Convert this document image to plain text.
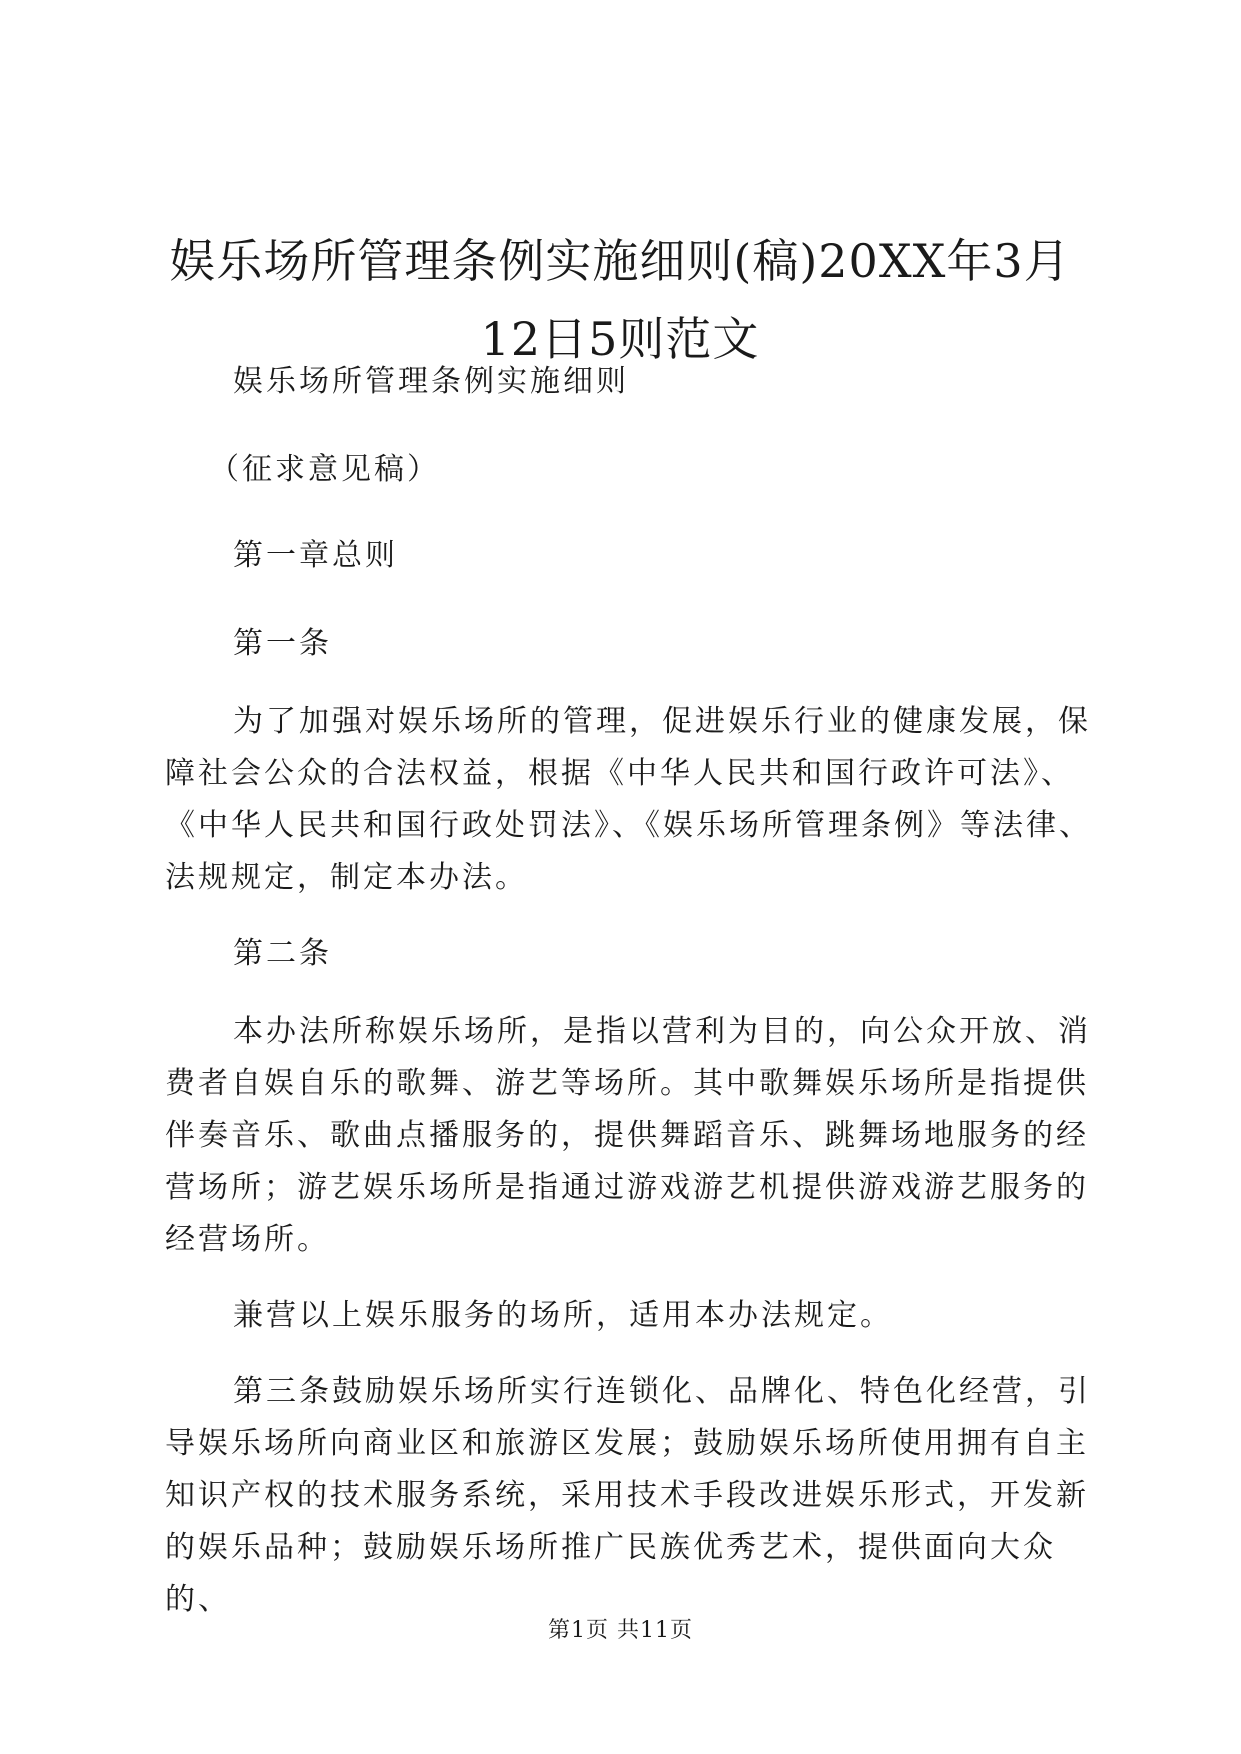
娱乐场所管理条例实施细则(稿)20XX年3月
12日5则范文

娱乐场所管理条例实施细则

（征求意见稿）

第一章总则

第一条

为了加强对娱乐场所的管理，促进娱乐行业的健康发展，保障社会公众的合法权益，根据《中华人民共和国行政许可法》、《中华人民共和国行政处罚法》、《娱乐场所管理条例》等法律、法规规定，制定本办法。

第二条

本办法所称娱乐场所，是指以营利为目的，向公众开放、消费者自娱自乐的歌舞、游艺等场所。其中歌舞娱乐场所是指提供伴奏音乐、歌曲点播服务的，提供舞蹈音乐、跳舞场地服务的经营场所；游艺娱乐场所是指通过游戏游艺机提供游戏游艺服务的经营场所。

兼营以上娱乐服务的场所，适用本办法规定。

第三条鼓励娱乐场所实行连锁化、品牌化、特色化经营，引导娱乐场所向商业区和旅游区发展；鼓励娱乐场所使用拥有自主知识产权的技术服务系统，采用技术手段改进娱乐形式，开发新的娱乐品种；鼓励娱乐场所推广民族优秀艺术，提供面向大众的、

第1页 共11页
